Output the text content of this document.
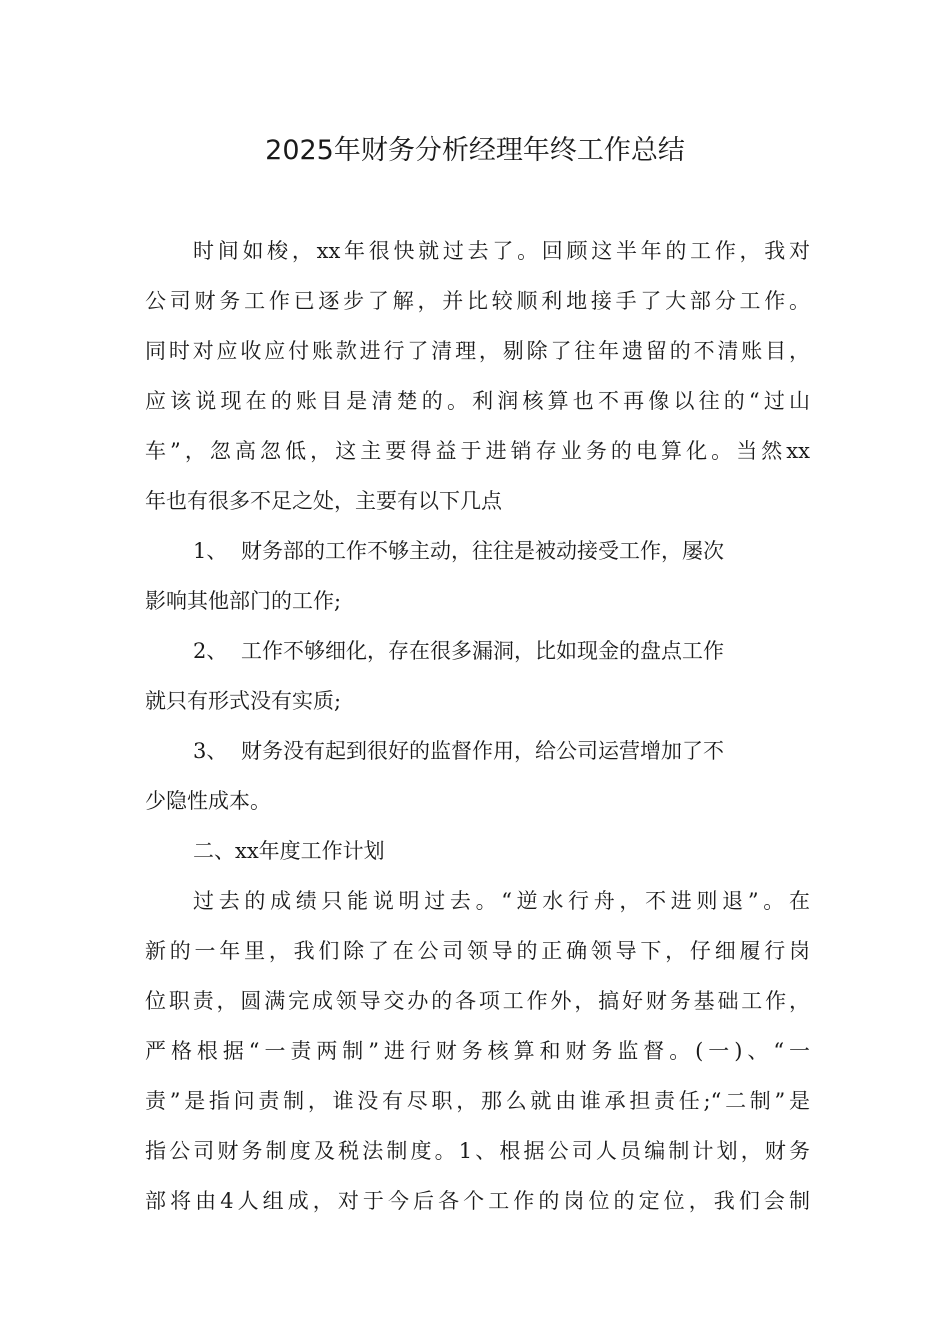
2025年财务分析经理年终工作总结
时间如梭，xx年很快就过去了。回顾这半年的工作，我对
公司财务工作已逐步了解，并比较顺利地接手了大部分工作。
同时对应收应付账款进行了清理，剔除了往年遗留的不清账目，
应该说现在的账目是清楚的。利润核算也不再像以往的“过山
车”，忽高忽低，这主要得益于进销存业务的电算化。当然xx
年也有很多不足之处，主要有以下几点
1、 财务部的工作不够主动，往往是被动接受工作，屡次
影响其他部门的工作;
2、 工作不够细化，存在很多漏洞，比如现金的盘点工作
就只有形式没有实质;
3、 财务没有起到很好的监督作用，给公司运营增加了不
少隐性成本。
二、xx年度工作计划
过去的成绩只能说明过去。“逆水行舟，不进则退”。在
新的一年里，我们除了在公司领导的正确领导下，仔细履行岗
位职责，圆满完成领导交办的各项工作外，搞好财务基础工作，
严格根据“一责两制”进行财务核算和财务监督。(一)、“一
责”是指问责制，谁没有尽职，那么就由谁承担责任;“二制”是
指公司财务制度及税法制度。1、根据公司人员编制计划，财务
部将由4人组成，对于今后各个工作的岗位的定位，我们会制
